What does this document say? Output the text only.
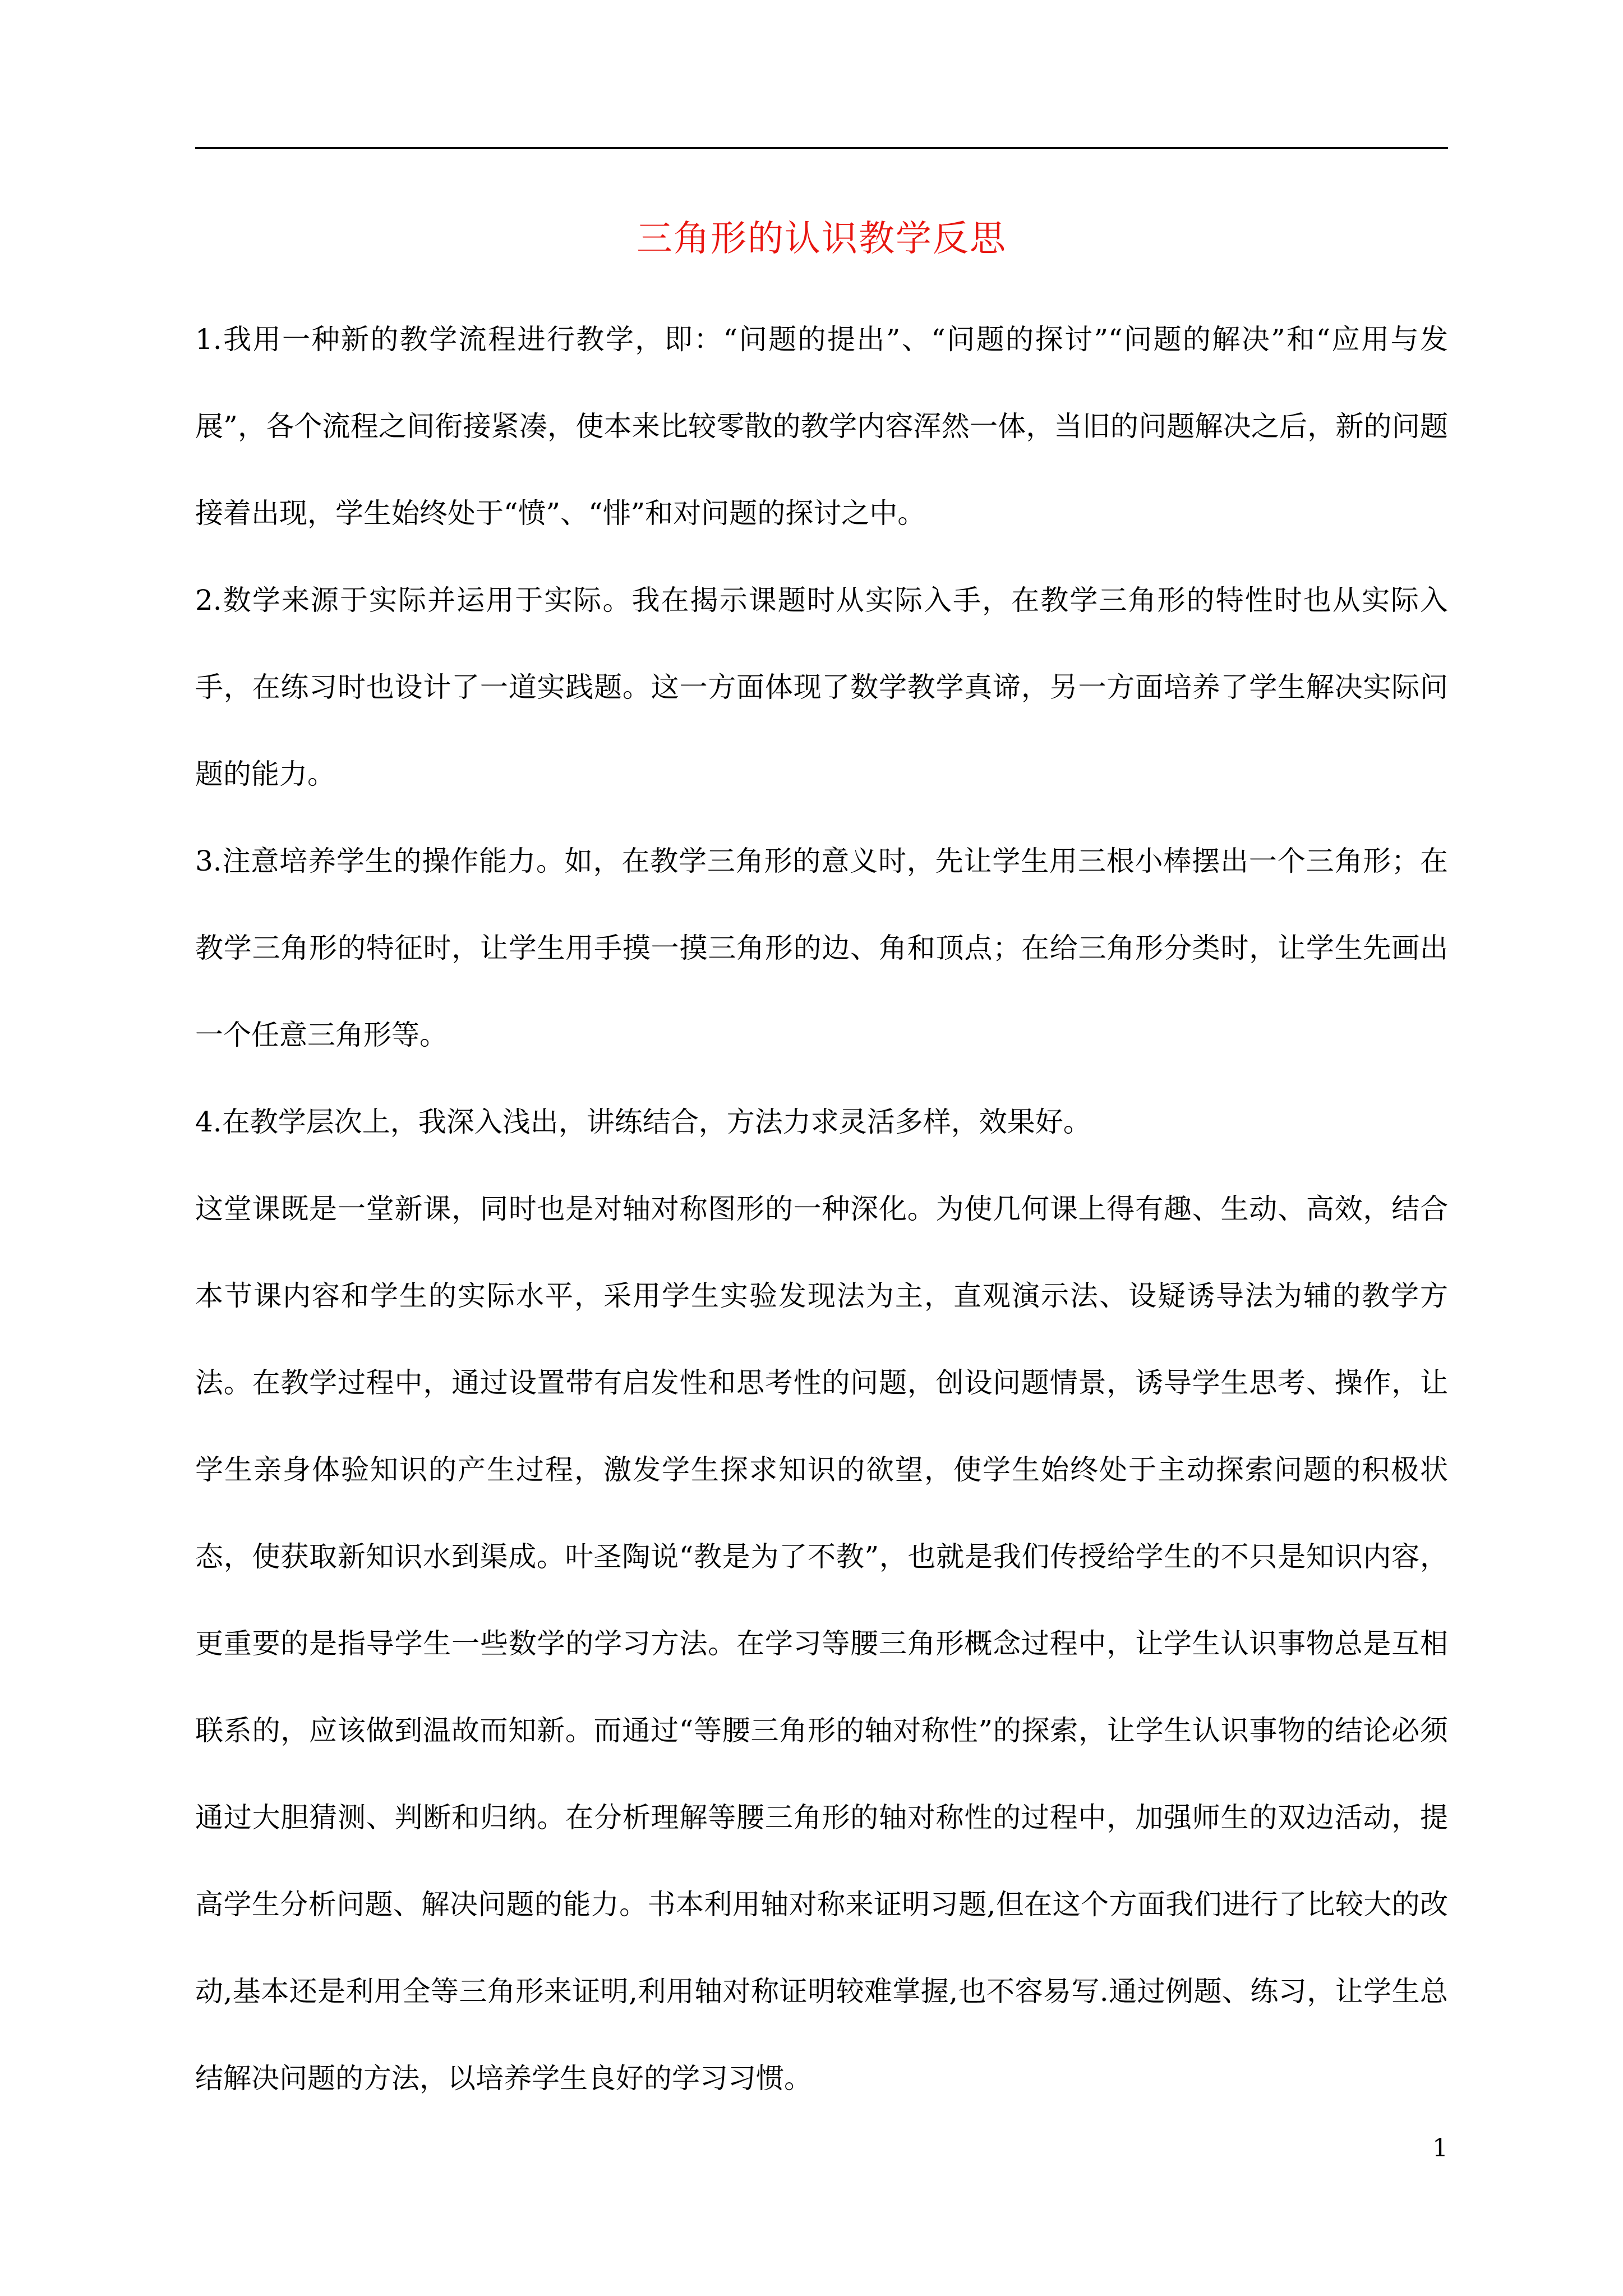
三角形的认识教学反思

1.我用一种新的教学流程进行教学，即：“问题的提出”、“问题的探讨”“问题的解决”和“应用与发展”，各个流程之间衔接紧凑，使本来比较零散的教学内容浑然一体，当旧的问题解决之后，新的问题接着出现，学生始终处于“愤”、“悱”和对问题的探讨之中。

2.数学来源于实际并运用于实际。我在揭示课题时从实际入手，在教学三角形的特性时也从实际入手，在练习时也设计了一道实践题。这一方面体现了数学教学真谛，另一方面培养了学生解决实际问题的能力。

3.注意培养学生的操作能力。如，在教学三角形的意义时，先让学生用三根小棒摆出一个三角形；在教学三角形的特征时，让学生用手摸一摸三角形的边、角和顶点；在给三角形分类时，让学生先画出一个任意三角形等。

4.在教学层次上，我深入浅出，讲练结合，方法力求灵活多样，效果好。

这堂课既是一堂新课，同时也是对轴对称图形的一种深化。为使几何课上得有趣、生动、高效，结合本节课内容和学生的实际水平，采用学生实验发现法为主，直观演示法、设疑诱导法为辅的教学方法。在教学过程中，通过设置带有启发性和思考性的问题，创设问题情景，诱导学生思考、操作，让学生亲身体验知识的产生过程，激发学生探求知识的欲望，使学生始终处于主动探索问题的积极状态，使获取新知识水到渠成。叶圣陶说“教是为了不教”，也就是我们传授给学生的不只是知识内容，更重要的是指导学生一些数学的学习方法。在学习等腰三角形概念过程中，让学生认识事物总是互相联系的，应该做到温故而知新。而通过“等腰三角形的轴对称性”的探索，让学生认识事物的结论必须通过大胆猜测、判断和归纳。在分析理解等腰三角形的轴对称性的过程中，加强师生的双边活动，提高学生分析问题、解决问题的能力。书本利用轴对称来证明习题,但在这个方面我们进行了比较大的改动,基本还是利用全等三角形来证明,利用轴对称证明较难掌握,也不容易写.通过例题、练习，让学生总结解决问题的方法，以培养学生良好的学习习惯。

1
